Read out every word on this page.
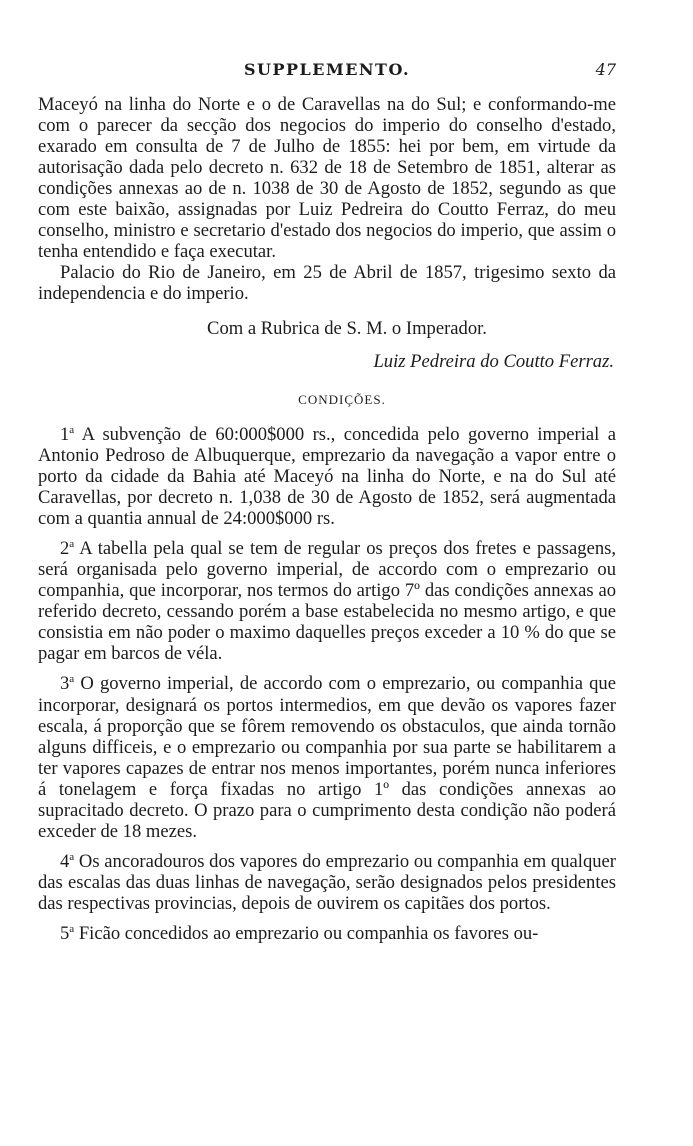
SUPPLEMENTO.	47

Maceyó na linha do Norte e o de Caravellas na do Sul; e conformando-me com o parecer da secção dos negocios do imperio do conselho d'estado, exarado em consulta de 7 de Julho de 1855: hei por bem, em virtude da autorisação dada pelo decreto n. 632 de 18 de Setembro de 1851, alterar as condições annexas ao de n. 1038 de 30 de Agosto de 1852, segundo as que com este baixão, assignadas por Luiz Pedreira do Coutto Ferraz, do meu conselho, ministro e secretario d'estado dos negocios do imperio, que assim o tenha entendido e faça executar.

Palacio do Rio de Janeiro, em 25 de Abril de 1857, trigesimo sexto da independencia e do imperio.

Com a Rubrica de S. M. o Imperador.

Luiz Pedreira do Coutto Ferraz.

CONDIÇÕES.

1$^a$ A subvenção de 60:000$000 rs., concedida pelo governo imperial a Antonio Pedroso de Albuquerque, emprezario da navegação a vapor entre o porto da cidade da Bahia até Maceyó na linha do Norte, e na do Sul até Caravellas, por decreto n. 1,038 de 30 de Agosto de 1852, será augmentada com a quantia annual de 24:000$000 rs.

2$^a$ A tabella pela qual se tem de regular os preços dos fretes e passagens, será organisada pelo governo imperial, de accordo com o emprezario ou companhia, que incorporar, nos termos do artigo 7º das condições annexas ao referido decreto, cessando porém a base estabelecida no mesmo artigo, e que consistia em não poder o maximo daquelles preços exceder a 10 % do que se pagar em barcos de véla.

3$^a$ O governo imperial, de accordo com o emprezario, ou companhia que incorporar, designará os portos intermedios, em que devão os vapores fazer escala, á proporção que se fôrem removendo os obstaculos, que ainda tornão alguns difficeis, e o emprezario ou companhia por sua parte se habilitarem a ter vapores capazes de entrar nos menos importantes, porém nunca inferiores á tonelagem e força fixadas no artigo 1º das condições annexas ao supracitado decreto. O prazo para o cumprimento desta condição não poderá exceder de 18 mezes.

4$^a$ Os ancoradouros dos vapores do emprezario ou companhia em qualquer das escalas das duas linhas de navegação, serão designados pelos presidentes das respectivas provincias, depois de ouvirem os capitães dos portos.

5$^a$ Ficão concedidos ao emprezario ou companhia os favores ou-
